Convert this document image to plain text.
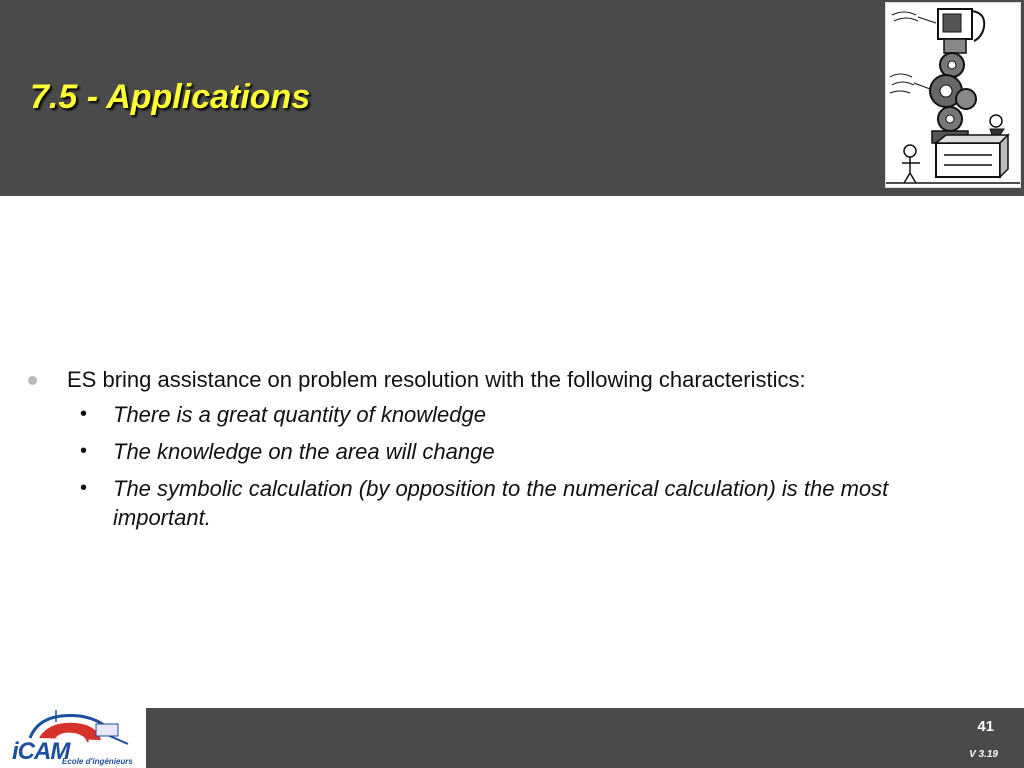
7.5 - Applications
ES bring assistance on problem resolution with the following characteristics:
• There is a great quantity of knowledge
• The knowledge on the area will change
• The symbolic calculation (by opposition to the numerical calculation) is the most important.
iCAM
Ecole d'ingénieurs
41
V 3.19
